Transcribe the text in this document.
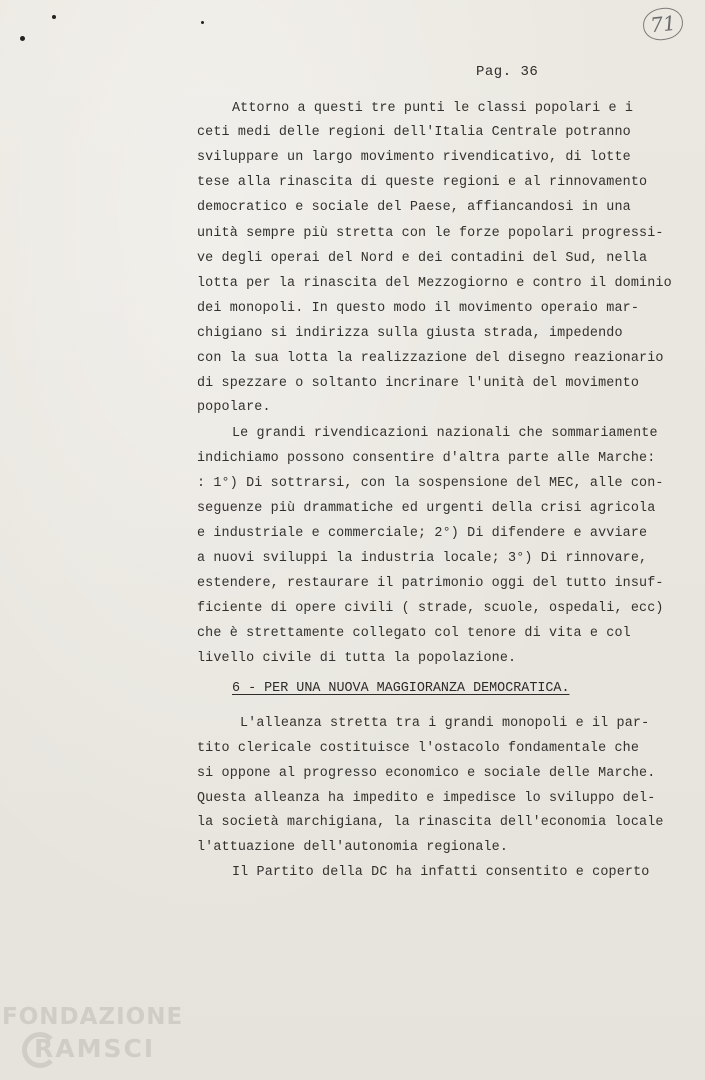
71
Pag. 36
Attorno a questi tre punti le classi popolari e i
ceti medi delle regioni dell'Italia Centrale potranno
sviluppare un largo movimento rivendicativo, di lotte
tese alla rinascita di queste regioni e al rinnovamento
democratico e sociale del Paese, affiancandosi in una
unità sempre più stretta con le forze popolari progressi-
ve degli operai del Nord e dei contadini del Sud, nella
lotta per la rinascita del Mezzogiorno e contro il dominio
dei monopoli. In questo modo il movimento operaio mar-
chigiano si indirizza sulla giusta strada, impedendo
con la sua lotta la realizzazione del disegno reazionario
di spezzare o soltanto incrinare l'unità del movimento
popolare.
Le grandi rivendicazioni nazionali che sommariamente
indichiamo possono consentire d'altra parte alle Marche:
: 1°) Di sottrarsi, con la sospensione del MEC, alle con-
seguenze più drammatiche ed urgenti della crisi agricola
e industriale e commerciale; 2°) Di difendere e avviare
a nuovi sviluppi la industria locale; 3°) Di rinnovare,
estendere, restaurare il patrimonio oggi del tutto insuf-
ficiente di opere civili ( strade, scuole, ospedali, ecc)
che è strettamente collegato col tenore di vita e col
livello civile di tutta la popolazione.
6 - PER UNA NUOVA MAGGIORANZA DEMOCRATICA.
L'alleanza stretta tra i grandi monopoli e il par-
tito clericale costituisce l'ostacolo fondamentale che
si oppone al progresso economico e sociale delle Marche.
Questa alleanza ha impedito e impedisce lo sviluppo del-
la società marchigiana, la rinascita dell'economia locale
l'attuazione dell'autonomia regionale.
Il Partito della DC ha infatti consentito e coperto
FONDAZIONE
RAMSCI
